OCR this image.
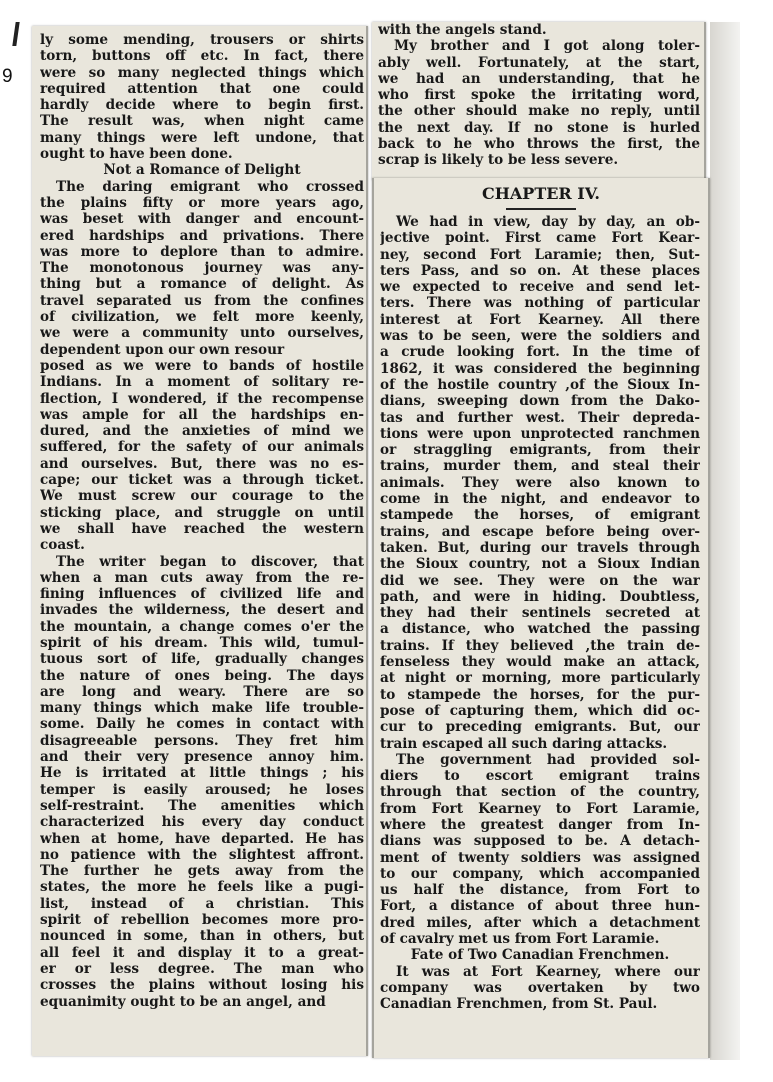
9
ly some mending, trousers or shirts
torn, buttons off etc. In fact, there
were so many neglected things which
required attention that one could
hardly decide where to begin first.
The result was, when night came
many things were left undone, that
ought to have been done.
Not a Romance of Delight
The daring emigrant who crossed
the plains fifty or more years ago,
was beset with danger and encount-
ered hardships and privations. There
was more to deplore than to admire.
The monotonous journey was any-
thing but a romance of delight. As
travel separated us from the confines
of civilization, we felt more keenly,
we were a community unto ourselves,
dependent upon our own resour
posed as we were to bands of hostile
Indians. In a moment of solitary re-
flection, I wondered, if the recompense
was ample for all the hardships en-
dured, and the anxieties of mind we
suffered, for the safety of our animals
and ourselves. But, there was no es-
cape; our ticket was a through ticket.
We must screw our courage to the
sticking place, and struggle on until
we shall have reached the western
coast.
The writer began to discover, that
when a man cuts away from the re-
fining influences of civilized life and
invades the wilderness, the desert and
the mountain, a change comes o'er the
spirit of his dream. This wild, tumul-
tuous sort of life, gradually changes
the nature of ones being. The days
are long and weary. There are so
many things which make life trouble-
some. Daily he comes in contact with
disagreeable persons. They fret him
and their very presence annoy him.
He is irritated at little things ; his
temper is easily aroused; he loses
self-restraint. The amenities which
characterized his every day conduct
when at home, have departed. He has
no patience with the slightest affront.
The further he gets away from the
states, the more he feels like a pugi-
list, instead of a christian. This
spirit of rebellion becomes more pro-
nounced in some, than in others, but
all feel it and display it to a great-
er or less degree. The man who
crosses the plains without losing his
equanimity ought to be an angel, and
with the angels stand.
My brother and I got along toler-
ably well. Fortunately, at the start,
we had an understanding, that he
who first spoke the irritating word,
the other should make no reply, until
the next day. If no stone is hurled
back to he who throws the first, the
scrap is likely to be less severe.
CHAPTER IV.
We had in view, day by day, an ob-
jective point. First came Fort Kear-
ney, second Fort Laramie; then, Sut-
ters Pass, and so on. At these places
we expected to receive and send let-
ters. There was nothing of particular
interest at Fort Kearney. All there
was to be seen, were the soldiers and
a crude looking fort. In the time of
1862, it was considered the beginning
of the hostile country ,of the Sioux In-
dians, sweeping down from the Dako-
tas and further west. Their depreda-
tions were upon unprotected ranchmen
or straggling emigrants, from their
trains, murder them, and steal their
animals. They were also known to
come in the night, and endeavor to
stampede the horses, of emigrant
trains, and escape before being over-
taken. But, during our travels through
the Sioux country, not a Sioux Indian
did we see. They were on the war
path, and were in hiding. Doubtless,
they had their sentinels secreted at
a distance, who watched the passing
trains. If they believed ,the train de-
fenseless they would make an attack,
at night or morning, more particularly
to stampede the horses, for the pur-
pose of capturing them, which did oc-
cur to preceding emigrants. But, our
train escaped all such daring attacks.
The government had provided sol-
diers to escort emigrant trains
through that section of the country,
from Fort Kearney to Fort Laramie,
where the greatest danger from In-
dians was supposed to be. A detach-
ment of twenty soldiers was assigned
to our company, which accompanied
us half the distance, from Fort to
Fort, a distance of about three hun-
dred miles, after which a detachment
of cavalry met us from Fort Laramie.
Fate of Two Canadian Frenchmen.
It was at Fort Kearney, where our
company was overtaken by two
Canadian Frenchmen, from St. Paul.
